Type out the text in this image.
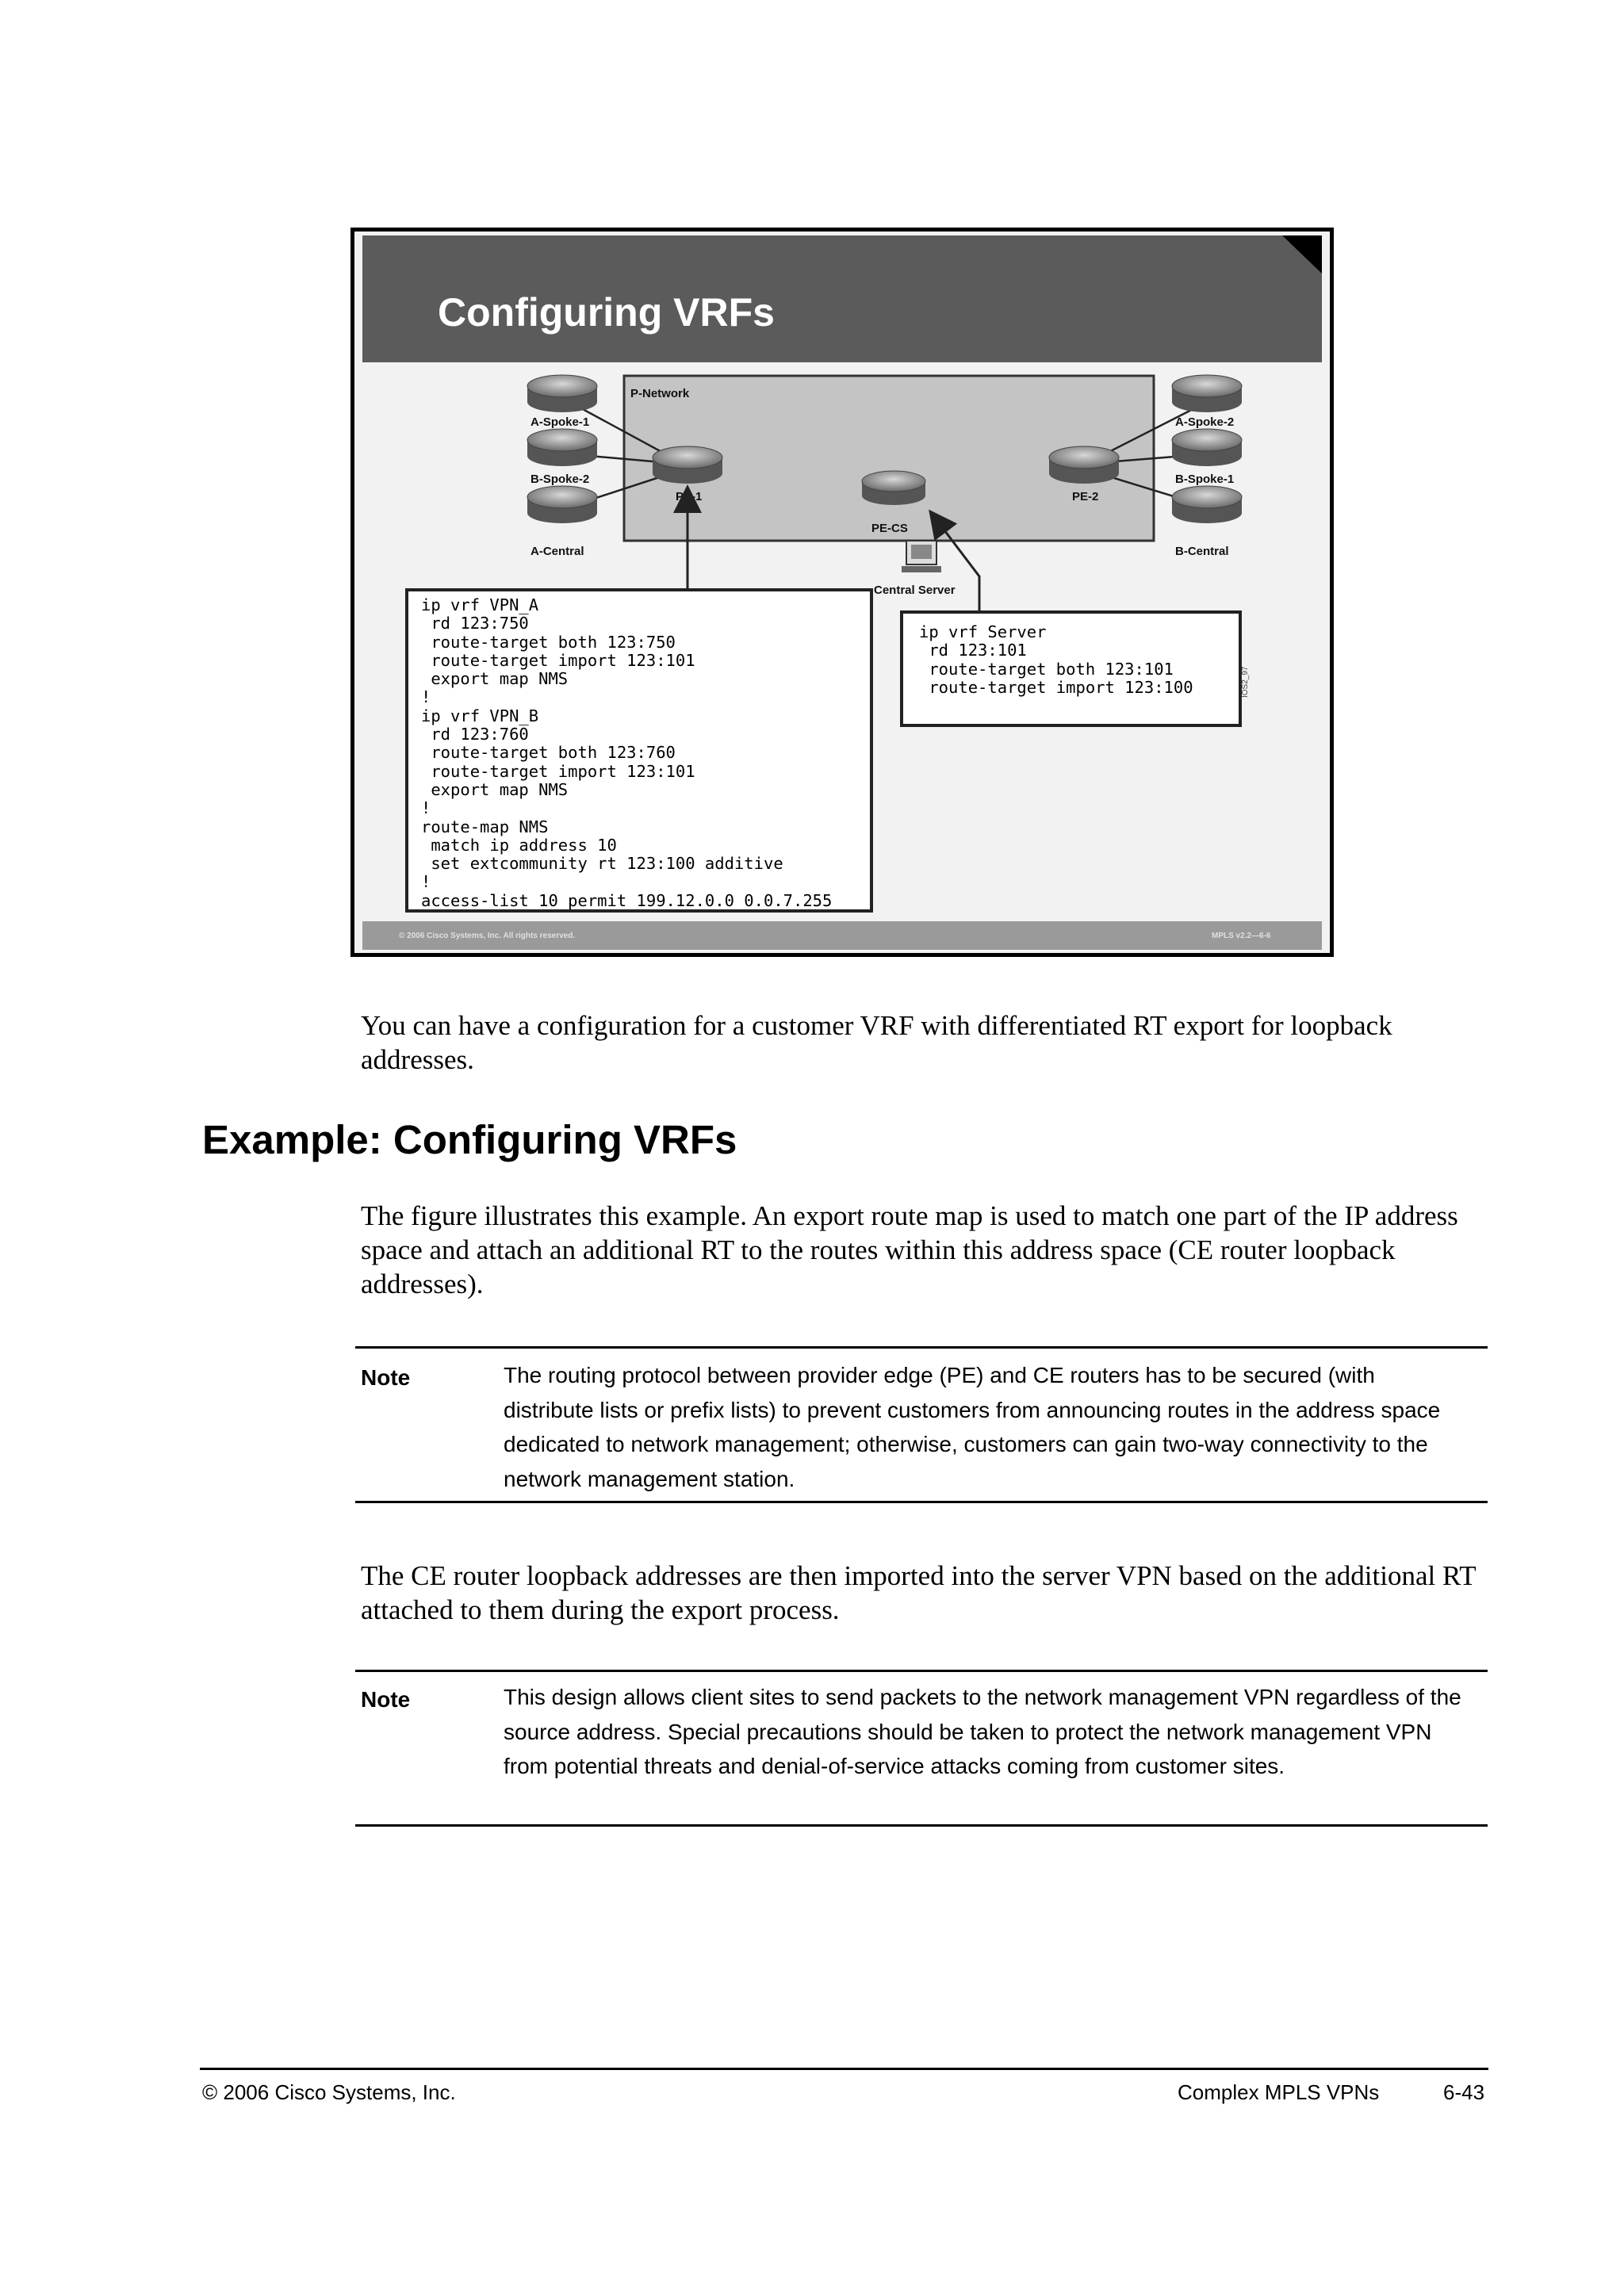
Configuring VRFs
P-Network
A-Spoke-1
B-Spoke-2
A-Central
PE-1
PE-CS
PE-2
A-Spoke-2
B-Spoke-1
B-Central
Central Server
ip vrf VPN_A
rd 123:750
route-target both 123:750
route-target import 123:101
export map NMS
!
ip vrf VPN_B
rd 123:760
route-target both 123:760
route-target import 123:101
export map NMS
!
route-map NMS
match ip address 10
set extcommunity rt 123:100 additive
!
access-list 10 permit 199.12.0.0 0.0.7.255
ip vrf Server
rd 123:101
route-target both 123:101
route-target import 123:100	IOS2_97
© 2006 Cisco Systems, Inc. All rights reserved.	MPLS v2.2—6-6
You can have a configuration for a customer VRF with differentiated RT export for loopback addresses.
Example: Configuring VRFs
The figure illustrates this example. An export route map is used to match one part of the IP address space and attach an additional RT to the routes within this address space (CE router loopback addresses).
Note	The routing protocol between provider edge (PE) and CE routers has to be secured (with distribute lists or prefix lists) to prevent customers from announcing routes in the address space dedicated to network management; otherwise, customers can gain two-way connectivity to the network management station.
The CE router loopback addresses are then imported into the server VPN based on the additional RT attached to them during the export process.
Note	This design allows client sites to send packets to the network management VPN regardless of the source address. Special precautions should be taken to protect the network management VPN from potential threats and denial-of-service attacks coming from customer sites.
© 2006 Cisco Systems, Inc.	Complex MPLS VPNs	6-43
